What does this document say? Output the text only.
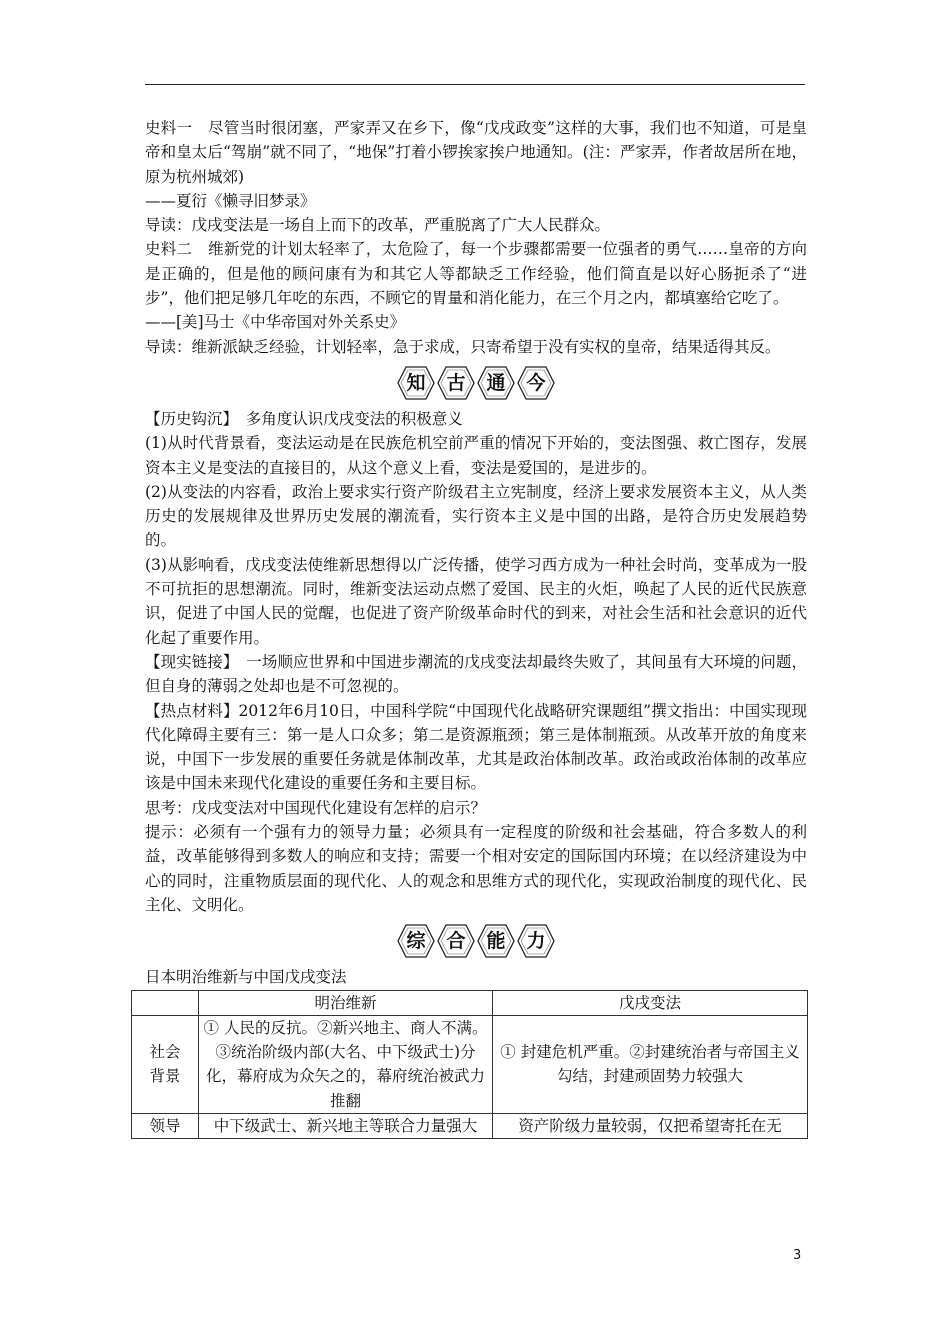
史料一　尽管当时很闭塞，严家弄又在乡下，像“戊戌政变”这样的大事，我们也不知道，可是皇帝和皇太后“驾崩”就不同了，“地保”打着小锣挨家挨户地通知。(注：严家弄，作者故居所在地，原为杭州城郊)

——夏衍《懒寻旧梦录》

导读：戊戌变法是一场自上而下的改革，严重脱离了广大人民群众。

史料二　维新党的计划太轻率了，太危险了，每一个步骤都需要一位强者的勇气……皇帝的方向是正确的，但是他的顾问康有为和其它人等都缺乏工作经验，他们简直是以好心肠扼杀了“进步”，他们把足够几年吃的东西，不顾它的胃量和消化能力，在三个月之内，都填塞给它吃了。

——[美]马士《中华帝国对外关系史》

导读：维新派缺乏经验，计划轻率，急于求成，只寄希望于没有实权的皇帝，结果适得其反。

知 古 通 今

【历史钩沉】　多角度认识戊戌变法的积极意义

(1)从时代背景看，变法运动是在民族危机空前严重的情况下开始的，变法图强、救亡图存，发展资本主义是变法的直接目的，从这个意义上看，变法是爱国的，是进步的。

(2)从变法的内容看，政治上要求实行资产阶级君主立宪制度，经济上要求发展资本主义，从人类历史的发展规律及世界历史发展的潮流看，实行资本主义是中国的出路，是符合历史发展趋势的。

(3)从影响看，戊戌变法使维新思想得以广泛传播，使学习西方成为一种社会时尚，变革成为一股不可抗拒的思想潮流。同时，维新变法运动点燃了爱国、民主的火炬，唤起了人民的近代民族意识，促进了中国人民的觉醒，也促进了资产阶级革命时代的到来，对社会生活和社会意识的近代化起了重要作用。

【现实链接】　一场顺应世界和中国进步潮流的戊戌变法却最终失败了，其间虽有大环境的问题，但自身的薄弱之处却也是不可忽视的。

【热点材料】2012年6月10日，中国科学院“中国现代化战略研究课题组”撰文指出：中国实现现代化障碍主要有三：第一是人口众多；第二是资源瓶颈；第三是体制瓶颈。从改革开放的角度来说，中国下一步发展的重要任务就是体制改革，尤其是政治体制改革。政治或政治体制的改革应该是中国未来现代化建设的重要任务和主要目标。

思考：戊戌变法对中国现代化建设有怎样的启示？

提示：必须有一个强有力的领导力量；必须具有一定程度的阶级和社会基础，符合多数人的利益，改革能够得到多数人的响应和支持；需要一个相对安定的国际国内环境；在以经济建设为中心的同时，注重物质层面的现代化、人的观念和思维方式的现代化，实现政治制度的现代化、民主化、文明化。

综 合 能 力

日本明治维新与中国戊戌变法

	明治维新	戊戌变法

社会背景	① 人民的反抗。②新兴地主、商人不满。③统治阶级内部(大名、中下级武士)分化，幕府成为众矢之的，幕府统治被武力推翻	① 封建危机严重。②封建统治者与帝国主义勾结，封建顽固势力较强大
领导	中下级武士、新兴地主等联合力量强大	资产阶级力量较弱，仅把希望寄托在无
3
